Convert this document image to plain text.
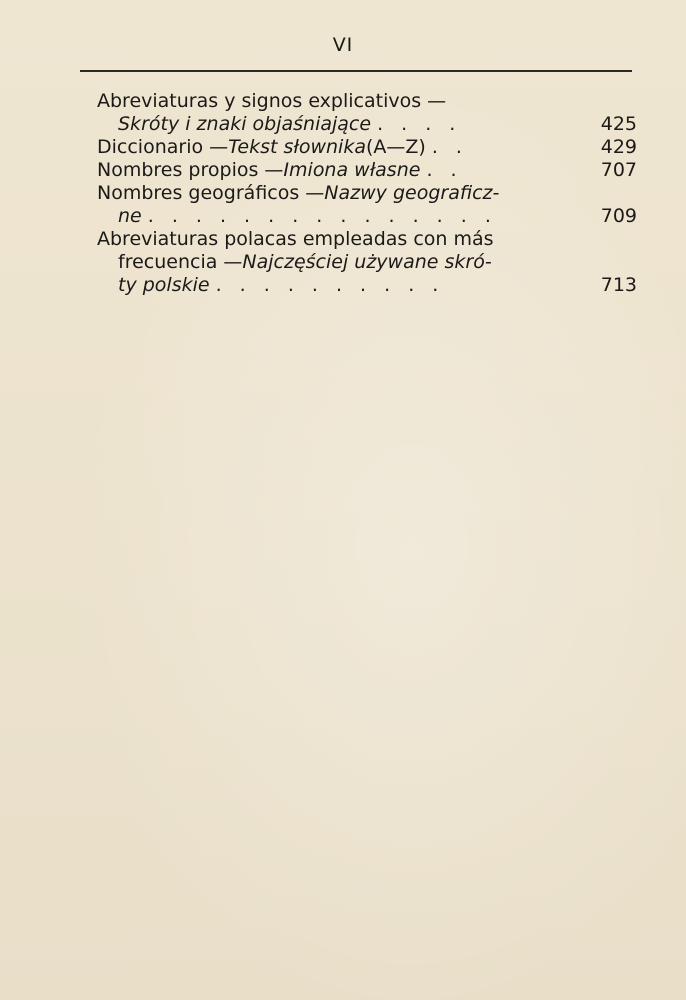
VI
Abreviaturas y signos explicativos —
Skróty i znaki objaśniające . . . .	425
Diccionario — Tekst słownika (A—Z) . .	429
Nombres propios — Imiona własne . .	707
Nombres geográficos — Nazwy geograficz-
ne . . . . . . . . . . . . . . .	709
Abreviaturas polacas empleadas con más
frecuencia — Najczęściej używane skró-
ty polskie . . . . . . . . . .	713
